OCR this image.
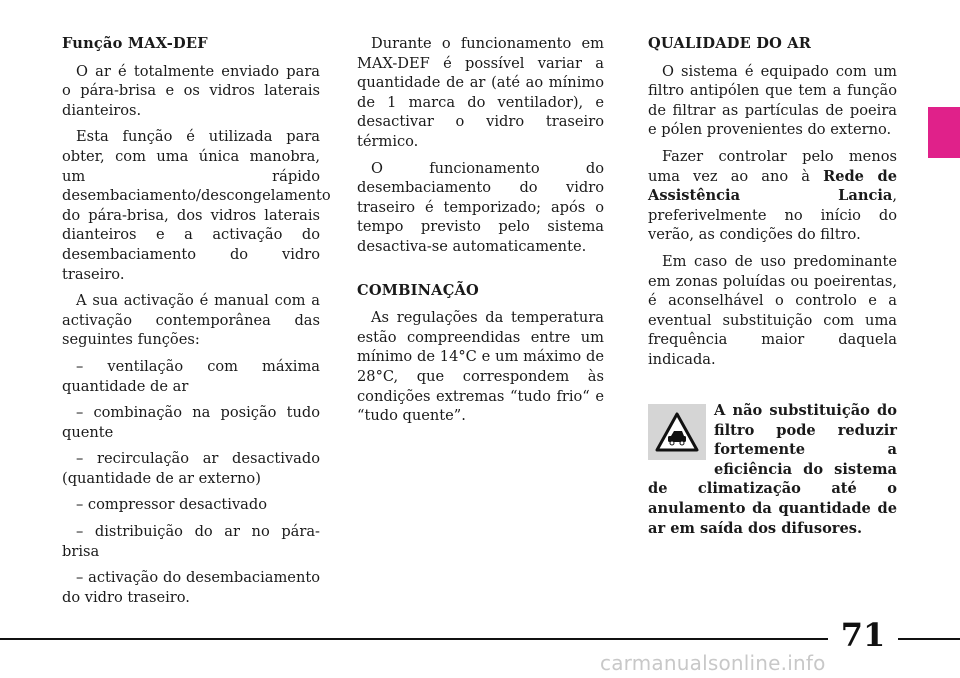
Função MAX-DEF

O ar é totalmente enviado para o pára-brisa e os vidros laterais dianteiros.

Esta função é utilizada para obter, com uma única manobra, um rápido desembaciamento/descongelamento do pára-brisa, dos vidros laterais dianteiros e a activação do desembaciamento do vidro traseiro.

A sua activação é manual com a activação contemporânea das seguintes funções:

– ventilação com máxima quantidade de ar

– combinação na posição tudo quente

– recirculação ar desactivado (quantidade de ar externo)

– compressor desactivado

– distribuição do ar no pára-brisa

– activação do desembaciamento do vidro traseiro.

Durante o funcionamento em MAX-DEF é possível variar a quantidade de ar (até ao mínimo de 1 marca do ventilador), e desactivar o vidro traseiro térmico.

O funcionamento do desembaciamento do vidro traseiro é temporizado; após o tempo previsto pelo sistema desactiva-se automaticamente.

COMBINAÇÃO

As regulações da temperatura estão compreendidas entre um mínimo de 14°C e um máximo de 28°C, que correspondem às condições extremas “tudo frio“ e “tudo quente”.

QUALIDADE DO AR

O sistema é equipado com um filtro antipólen que tem a função de filtrar as partículas de poeira e pólen provenientes do externo.

Fazer controlar pelo menos uma vez ao ano à Rede de Assistência Lancia, preferivelmente no início do verão, as condições do filtro.

Em caso de uso predominante em zonas poluídas ou poeirentas, é aconselhável o controlo e a eventual substituição com uma frequência maior daquela indicada.

A não substituição do filtro pode reduzir fortemente a eficiência do sistema de climatização até o anulamento da quantidade de ar em saída dos difusores.
71
carmanualsonline.info
